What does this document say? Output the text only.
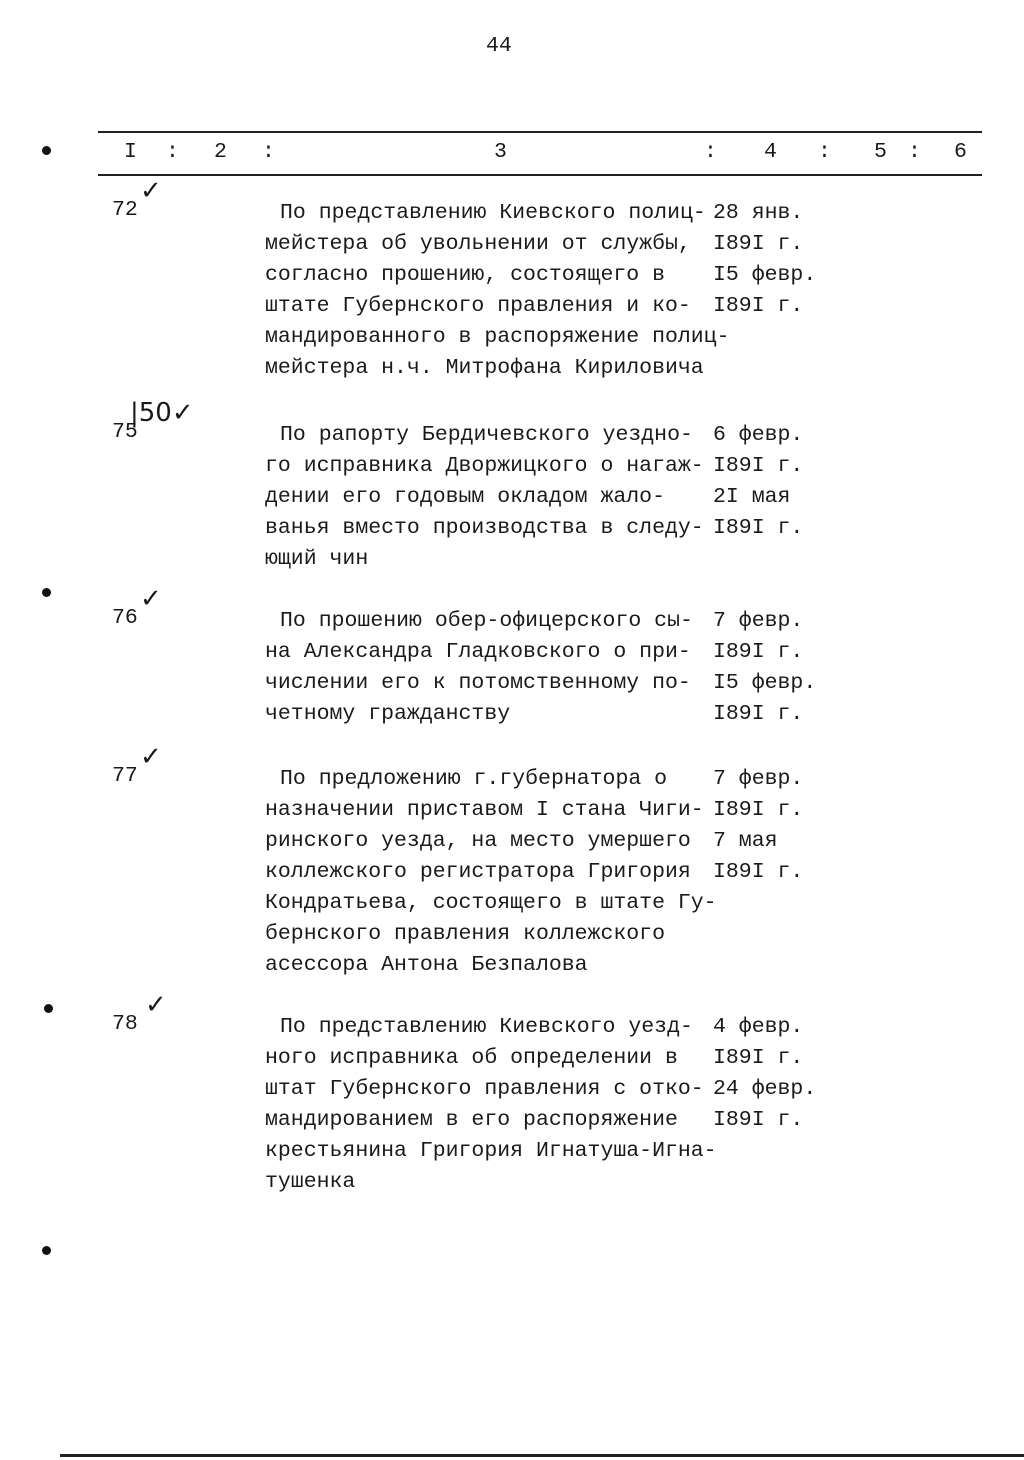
44
I : 2 :	3	: 4 : 5 : 6
72
✓
По представлению Киевского полиц-
мейстера об увольнении от службы,
согласно прошению, состоящего в
штате Губернского правления и ко-
мандированного в распоряжение полиц-
мейстера н.ч. Митрофана Кириловича
28 янв.
I89I г.
I5 февр.
I89I г.
75
|50✓
По рапорту Бердичевского уездно-
го исправника Дворжицкого о нагаж-
дении его годовым окладом жало-
ванья вместо производства в следу-
ющий чин
6 февр.
I89I г.
2I мая
I89I г.
76
✓
По прошению обер-офицерского сы-
на Александра Гладковского о при-
числении его к потомственному по-
четному гражданству
7 февр.
I89I г.
I5 февр.
I89I г.
77
✓
По предложению г.губернатора о
назначении приставом I стана Чиги-
ринского уезда, на место умершего
коллежского регистратора Григория
Кондратьева, состоящего в штате Гу-
бернского правления коллежского
асессора Антона Безпалова
7 февр.
I89I г.
7 мая
I89I г.
78
✓
По представлению Киевского уезд-
ного исправника об определении в
штат Губернского правления с отко-
мандированием в его распоряжение
крестьянина Григория Игнатуша-Игна-
тушенка
4 февр.
I89I г.
24 февр.
I89I г.
